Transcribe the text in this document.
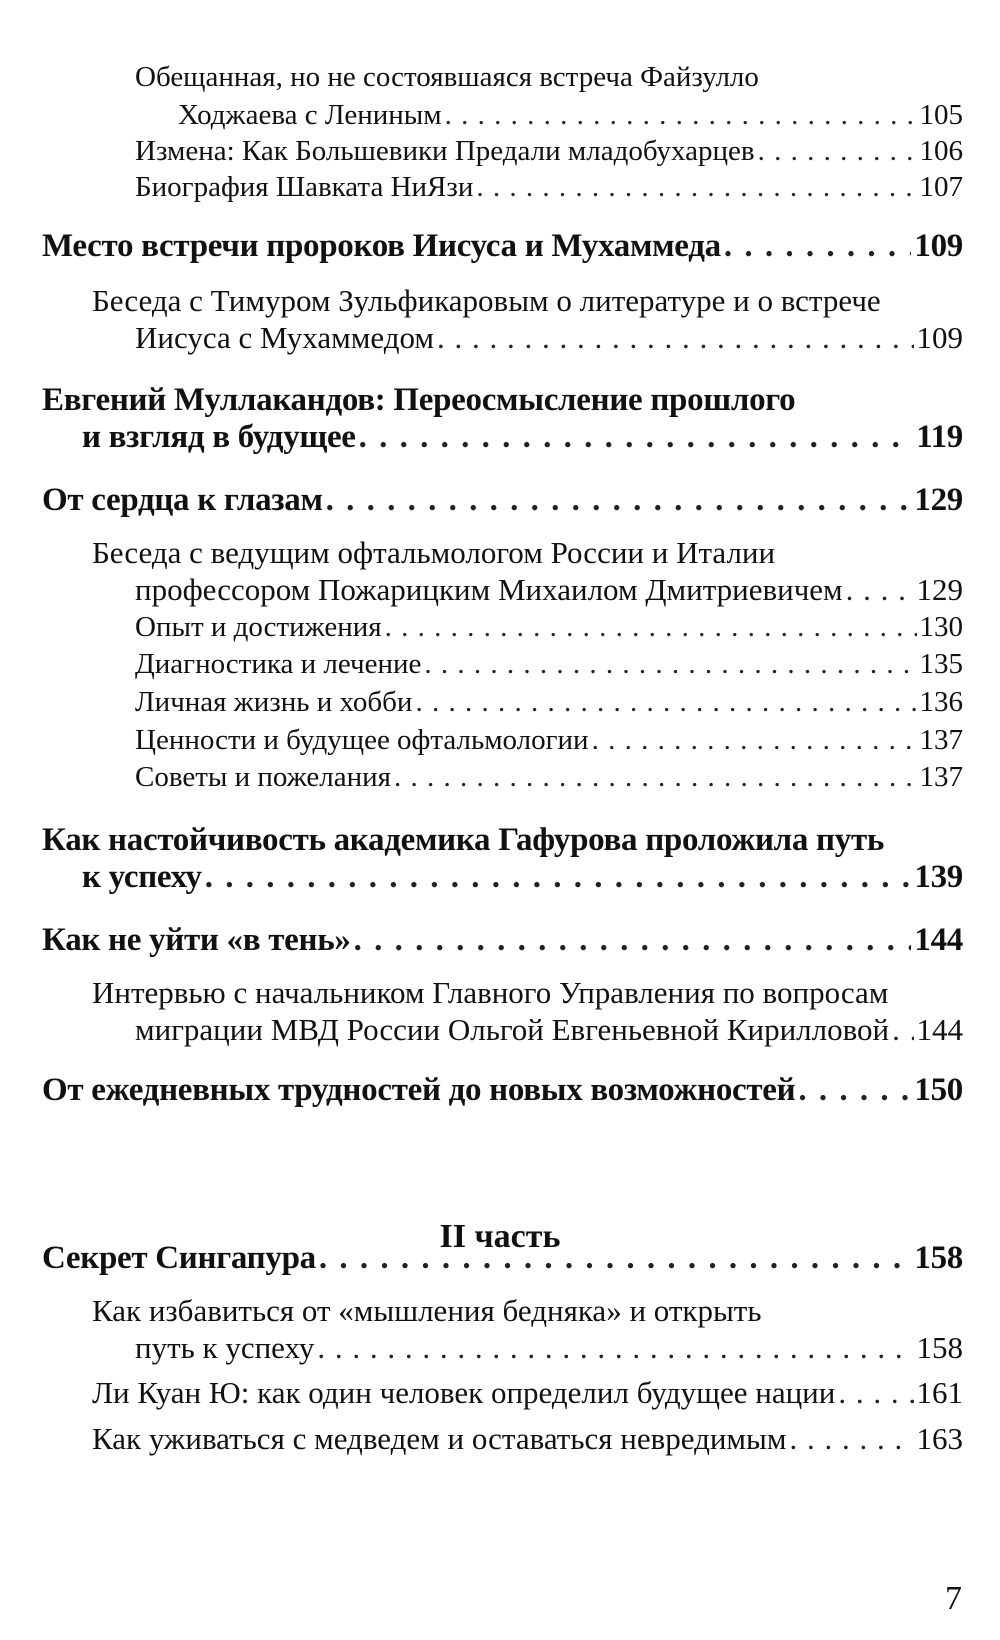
Обещанная, но не состоявшаяся встреча Файзулло
Ходжаева с Лениным . . .	105
Измена: Как Большевики Предали младобухарцев . . .	106
Биография Шавката НиЯзи . . .	107
Место встречи пророков Иисуса и Мухаммеда . . .	109
Беседа с Тимуром Зульфикаровым о литературе и о встрече
Иисуса с Мухаммедом . . .	109
Евгений Муллакандов: Переосмысление прошлого
и взгляд в будущее . . .	119
От сердца к глазам . . .	129
Беседа с ведущим офтальмологом России и Италии
профессором Пожарицким Михаилом Дмитриевичем . . . 129
Опыт и достижения . . .	130
Диагностика и лечение . . .	135
Личная жизнь и хобби . . .	136
Ценности и будущее офтальмологии . . .	137
Советы и пожелания . . .	137
Как настойчивость академика Гафурова проложила путь
к успеху . . .	139
Как не уйти «в тень» . . .	144
Интервью с начальником Главного Управления по вопросам
миграции МВД России Ольгой Евгеньевной Кирилловой . . . 144
От ежедневных трудностей до новых возможностей . . .	150
Секрет Сингапура . . .	158
Как избавиться от «мышления бедняка» и открыть
путь к успеху . . .	158
Ли Куан Ю: как один человек определил будущее нации . . .	161
Как уживаться с медведем и оставаться невредимым . . .	163
II часть
7
